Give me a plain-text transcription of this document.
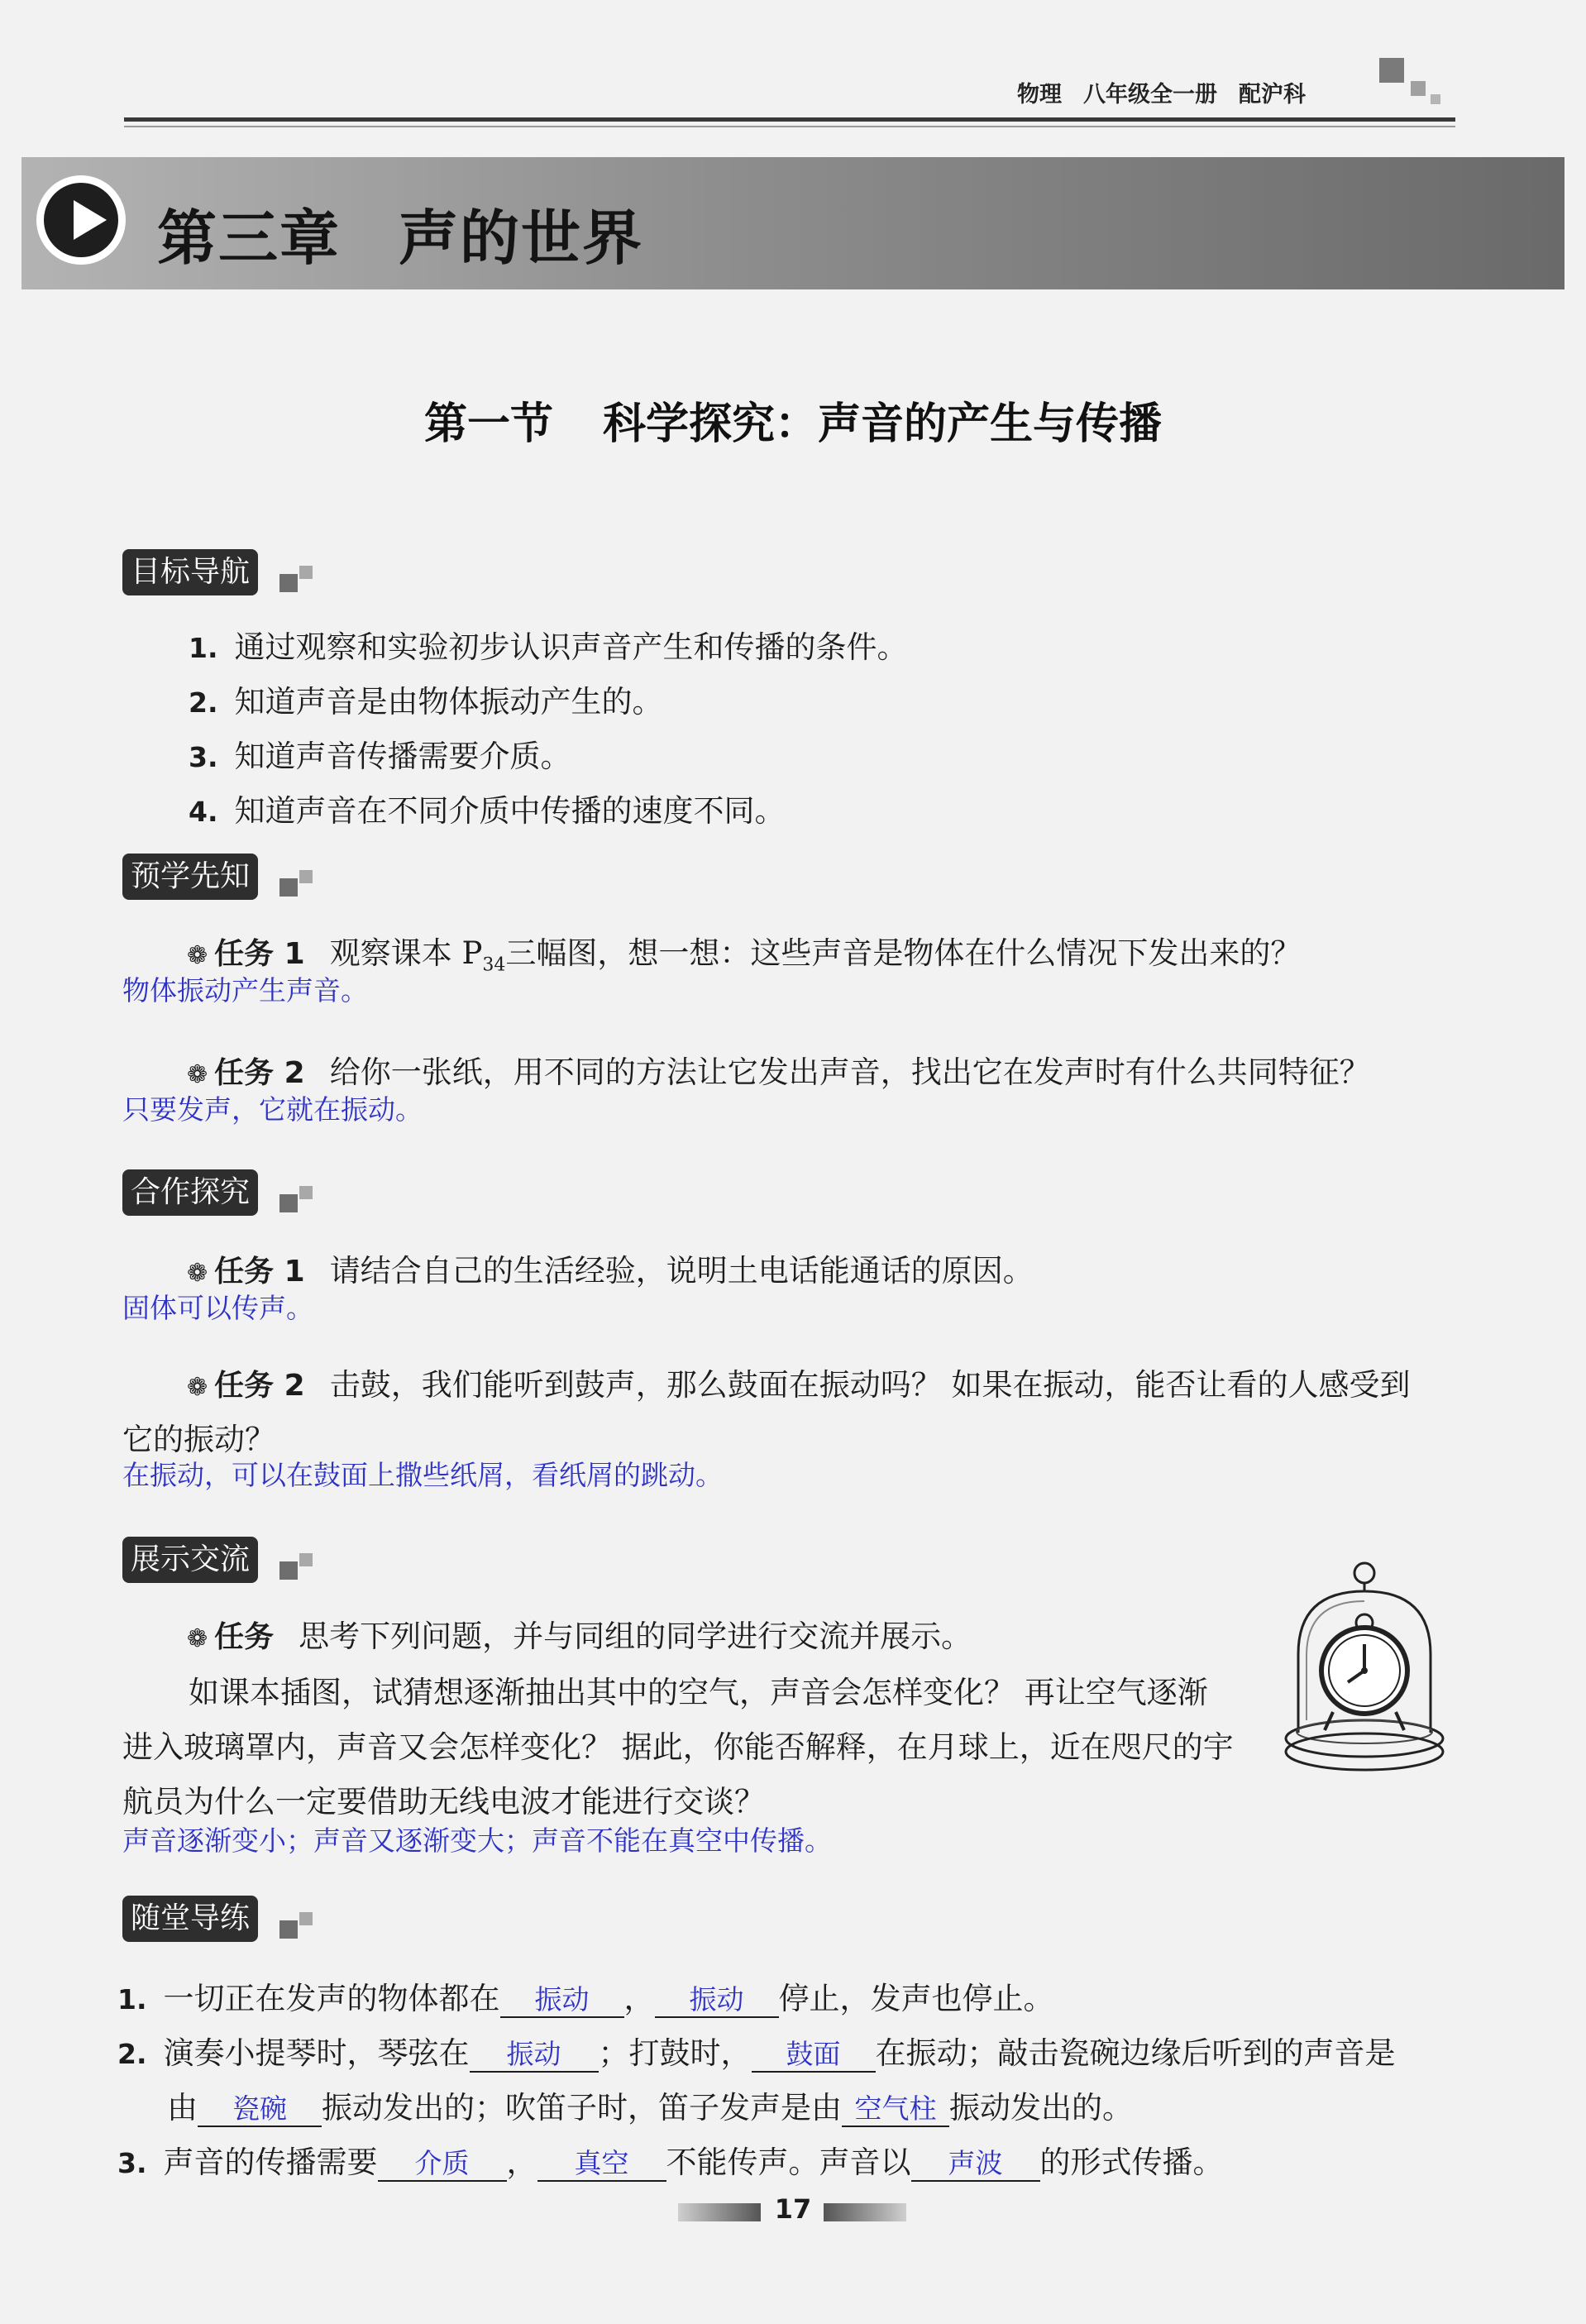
物理 八年级全一册 配沪科
第三章 声的世界
第一节 科学探究：声音的产生与传播
目标导航
1. 通过观察和实验初步认识声音产生和传播的条件。
2. 知道声音是由物体振动产生的。
3. 知道声音传播需要介质。
4. 知道声音在不同介质中传播的速度不同。
预学先知
❁ 任务 1 观察课本 $P_{34}$三幅图，想一想：这些声音是物体在什么情况下发出来的？
物体振动产生声音。
❁ 任务 2 给你一张纸，用不同的方法让它发出声音，找出它在发声时有什么共同特征？
只要发声，它就在振动。
合作探究
❁ 任务 1 请结合自己的生活经验，说明土电话能通话的原因。
固体可以传声。
❁ 任务 2 击鼓，我们能听到鼓声，那么鼓面在振动吗？ 如果在振动，能否让看的人感受到
它的振动？
在振动，可以在鼓面上撒些纸屑，看纸屑的跳动。
展示交流
❁ 任务 思考下列问题，并与同组的同学进行交流并展示。
如课本插图，试猜想逐渐抽出其中的空气，声音会怎样变化？ 再让空气逐渐
进入玻璃罩内，声音又会怎样变化？ 据此，你能否解释，在月球上，近在咫尺的宇
航员为什么一定要借助无线电波才能进行交谈？
声音逐渐变小；声音又逐渐变大；声音不能在真空中传播。
随堂导练
1. 一切正在发声的物体都在 振动 ， 振动 停止，发声也停止。
2. 演奏小提琴时，琴弦在 振动 ；打鼓时， 鼓面 在振动；敲击瓷碗边缘后听到的声音是
由 瓷碗 振动发出的；吹笛子时，笛子发声是由 空气柱 振动发出的。
3. 声音的传播需要 介质 ， 真空 不能传声。声音以 声波 的形式传播。
17
